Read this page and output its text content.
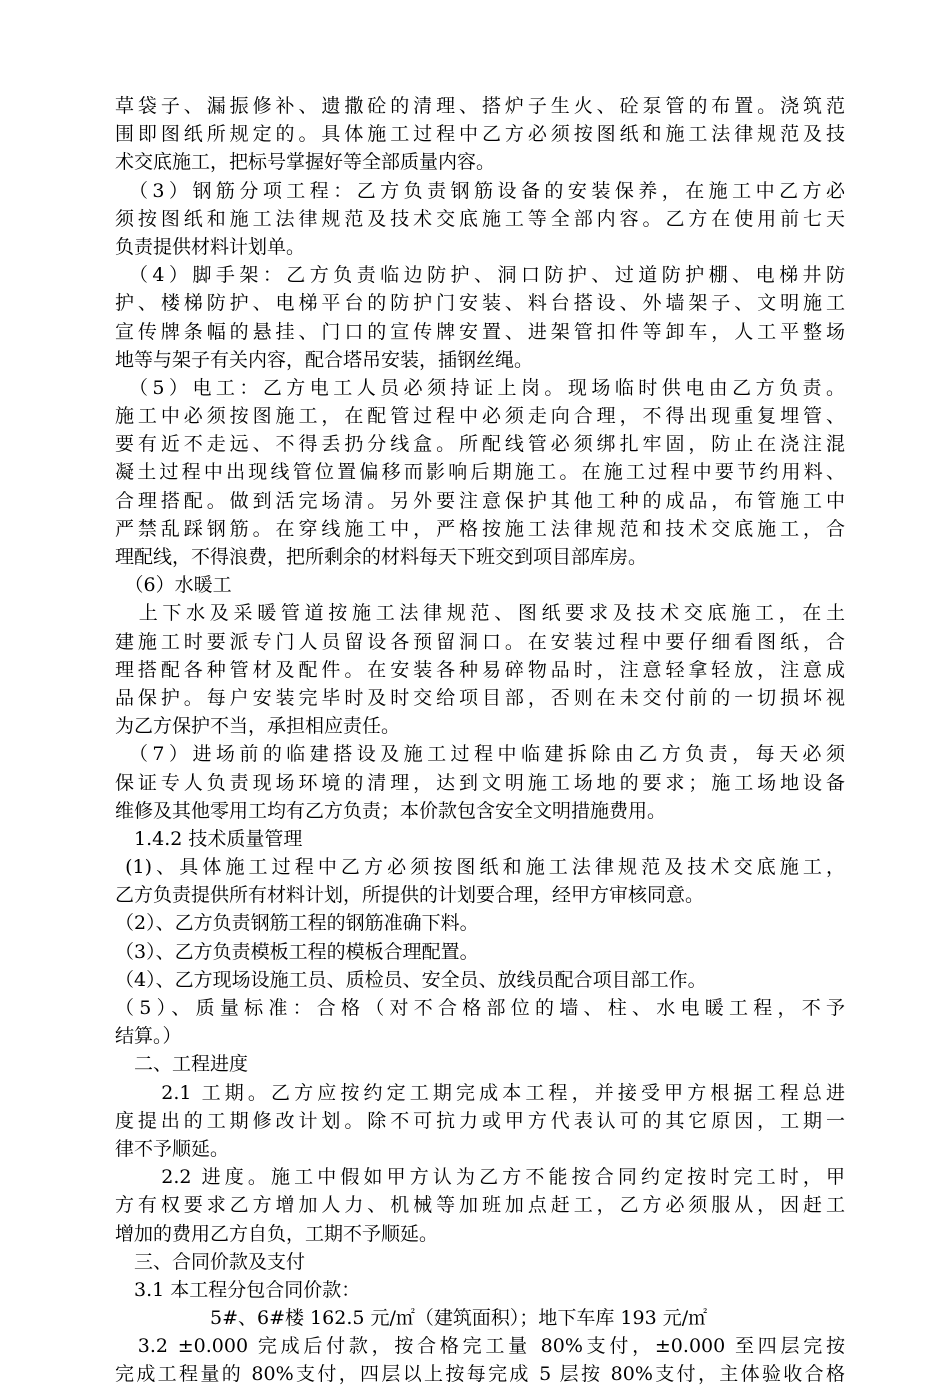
草袋子、漏振修补、遗撒砼的清理、搭炉子生火、砼泵管的布置。浇筑范
围即图纸所规定的。具体施工过程中乙方必须按图纸和施工法律规范及技
术交底施工，把标号掌握好等全部质量内容。
　（3）钢筋分项工程：乙方负责钢筋设备的安装保养，在施工中乙方必
须按图纸和施工法律规范及技术交底施工等全部内容。乙方在使用前七天
负责提供材料计划单。
　（4）脚手架：乙方负责临边防护、洞口防护、过道防护棚、电梯井防
护、楼梯防护、电梯平台的防护门安装、料台搭设、外墙架子、文明施工
宣传牌条幅的悬挂、门口的宣传牌安置、进架管扣件等卸车，人工平整场
地等与架子有关内容，配合塔吊安装，插钢丝绳。
　（5）电工：乙方电工人员必须持证上岗。现场临时供电由乙方负责。
施工中必须按图施工，在配管过程中必须走向合理，不得出现重复埋管、
要有近不走远、不得丢扔分线盒。所配线管必须绑扎牢固，防止在浇注混
凝土过程中出现线管位置偏移而影响后期施工。在施工过程中要节约用料、
合理搭配。做到活完场清。另外要注意保护其他工种的成品，布管施工中
严禁乱踩钢筋。在穿线施工中，严格按施工法律规范和技术交底施工，合
理配线，不得浪费，把所剩余的材料每天下班交到项目部库房。
　（6）水暖工
　上下水及采暖管道按施工法律规范、图纸要求及技术交底施工，在土
建施工时要派专门人员留设各预留洞口。在安装过程中要仔细看图纸，合
理搭配各种管材及配件。在安装各种易碎物品时，注意轻拿轻放，注意成
品保护。每户安装完毕时及时交给项目部，否则在未交付前的一切损坏视
为乙方保护不当，承担相应责任。
　（7）进场前的临建搭设及施工过程中临建拆除由乙方负责，每天必须
保证专人负责现场环境的清理，达到文明施工场地的要求；施工场地设备
维修及其他零用工均有乙方负责；本价款包含安全文明措施费用。
　1.4.2 技术质量管理
(1)、具体施工过程中乙方必须按图纸和施工法律规范及技术交底施工，
乙方负责提供所有材料计划，所提供的计划要合理，经甲方审核同意。
（2）、乙方负责钢筋工程的钢筋准确下料。
（3）、乙方负责模板工程的模板合理配置。
（4）、乙方现场设施工员、质检员、安全员、放线员配合项目部工作。
（5）、质量标准：合格（对不合格部位的墙、柱、水电暖工程，不予
结算。）
　二、工程进度
　　2.1 工期。乙方应按约定工期完成本工程，并接受甲方根据工程总进
度提出的工期修改计划。除不可抗力或甲方代表认可的其它原因，工期一
律不予顺延。
　　2.2 进度。施工中假如甲方认为乙方不能按合同约定按时完工时，甲
方有权要求乙方增加人力、机械等加班加点赶工，乙方必须服从，因赶工
增加的费用乙方自负，工期不予顺延。
　三、合同价款及支付
　3.1 本工程分包合同价款：
　　　　　5#、6#楼 162.5 元/㎡（建筑面积）；地下车库 193 元/㎡
　3.2 ±0.000 完成后付款，按合格完工量 80%支付，±0.000 至四层完按
完成工程量的 80%支付，四层以上按每完成 5 层按 80%支付，主体验收合格
